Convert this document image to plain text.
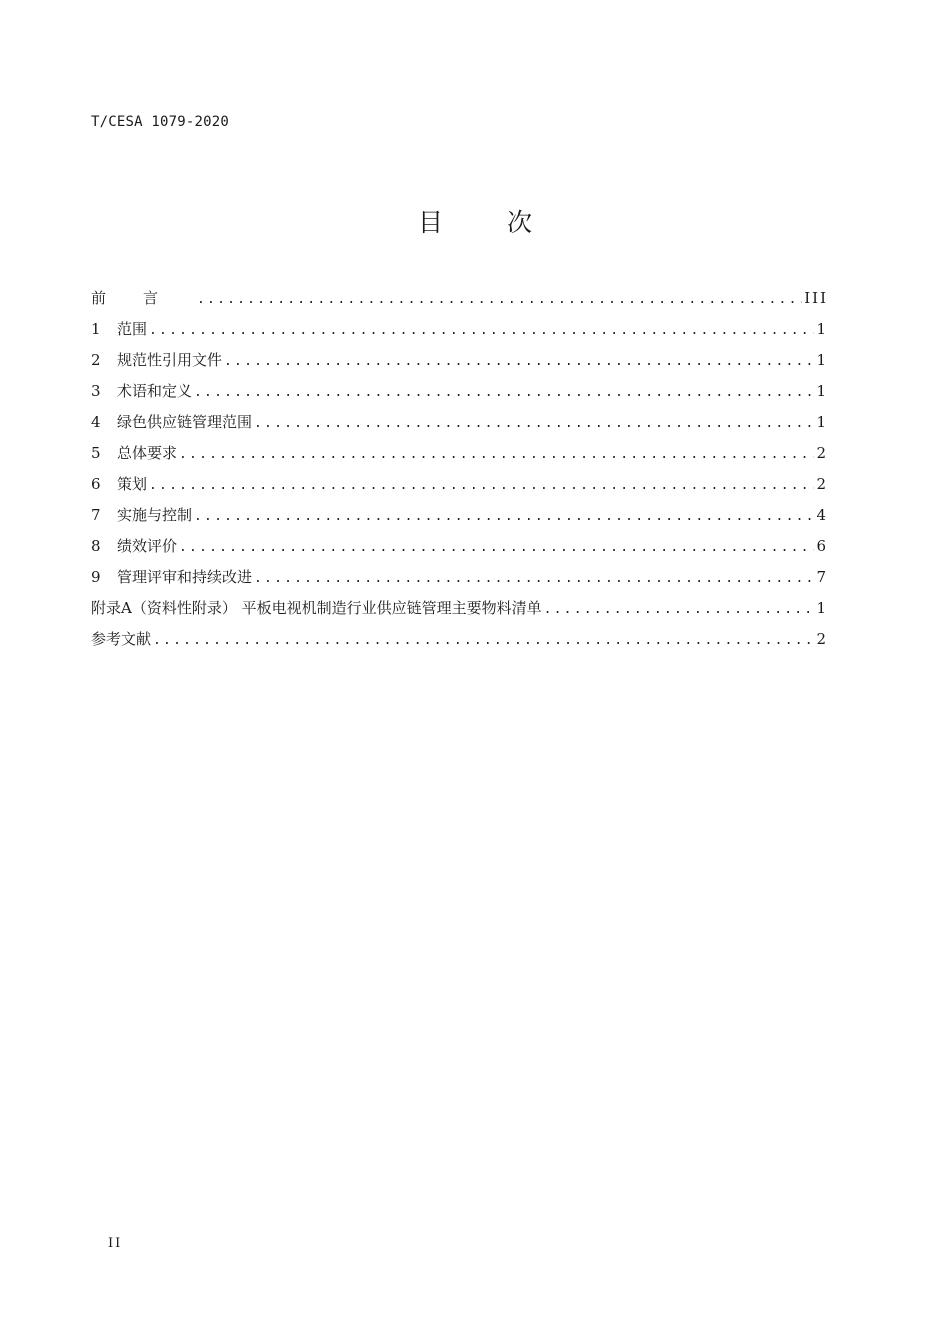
T/CESA 1079-2020
目 次
前言 .....	III
1	范围 .....	1
2	规范性引用文件 .....	1
3	术语和定义 .....	1
4	绿色供应链管理范围 .....	1
5	总体要求 .....	2
6	策划 .....	2
7	实施与控制 .....	4
8	绩效评价 .....	6
9	管理评审和持续改进 .....	7
附录A（资料性附录） 平板电视机制造行业供应链管理主要物料清单 .....	1
参考文献 .....	2
II
